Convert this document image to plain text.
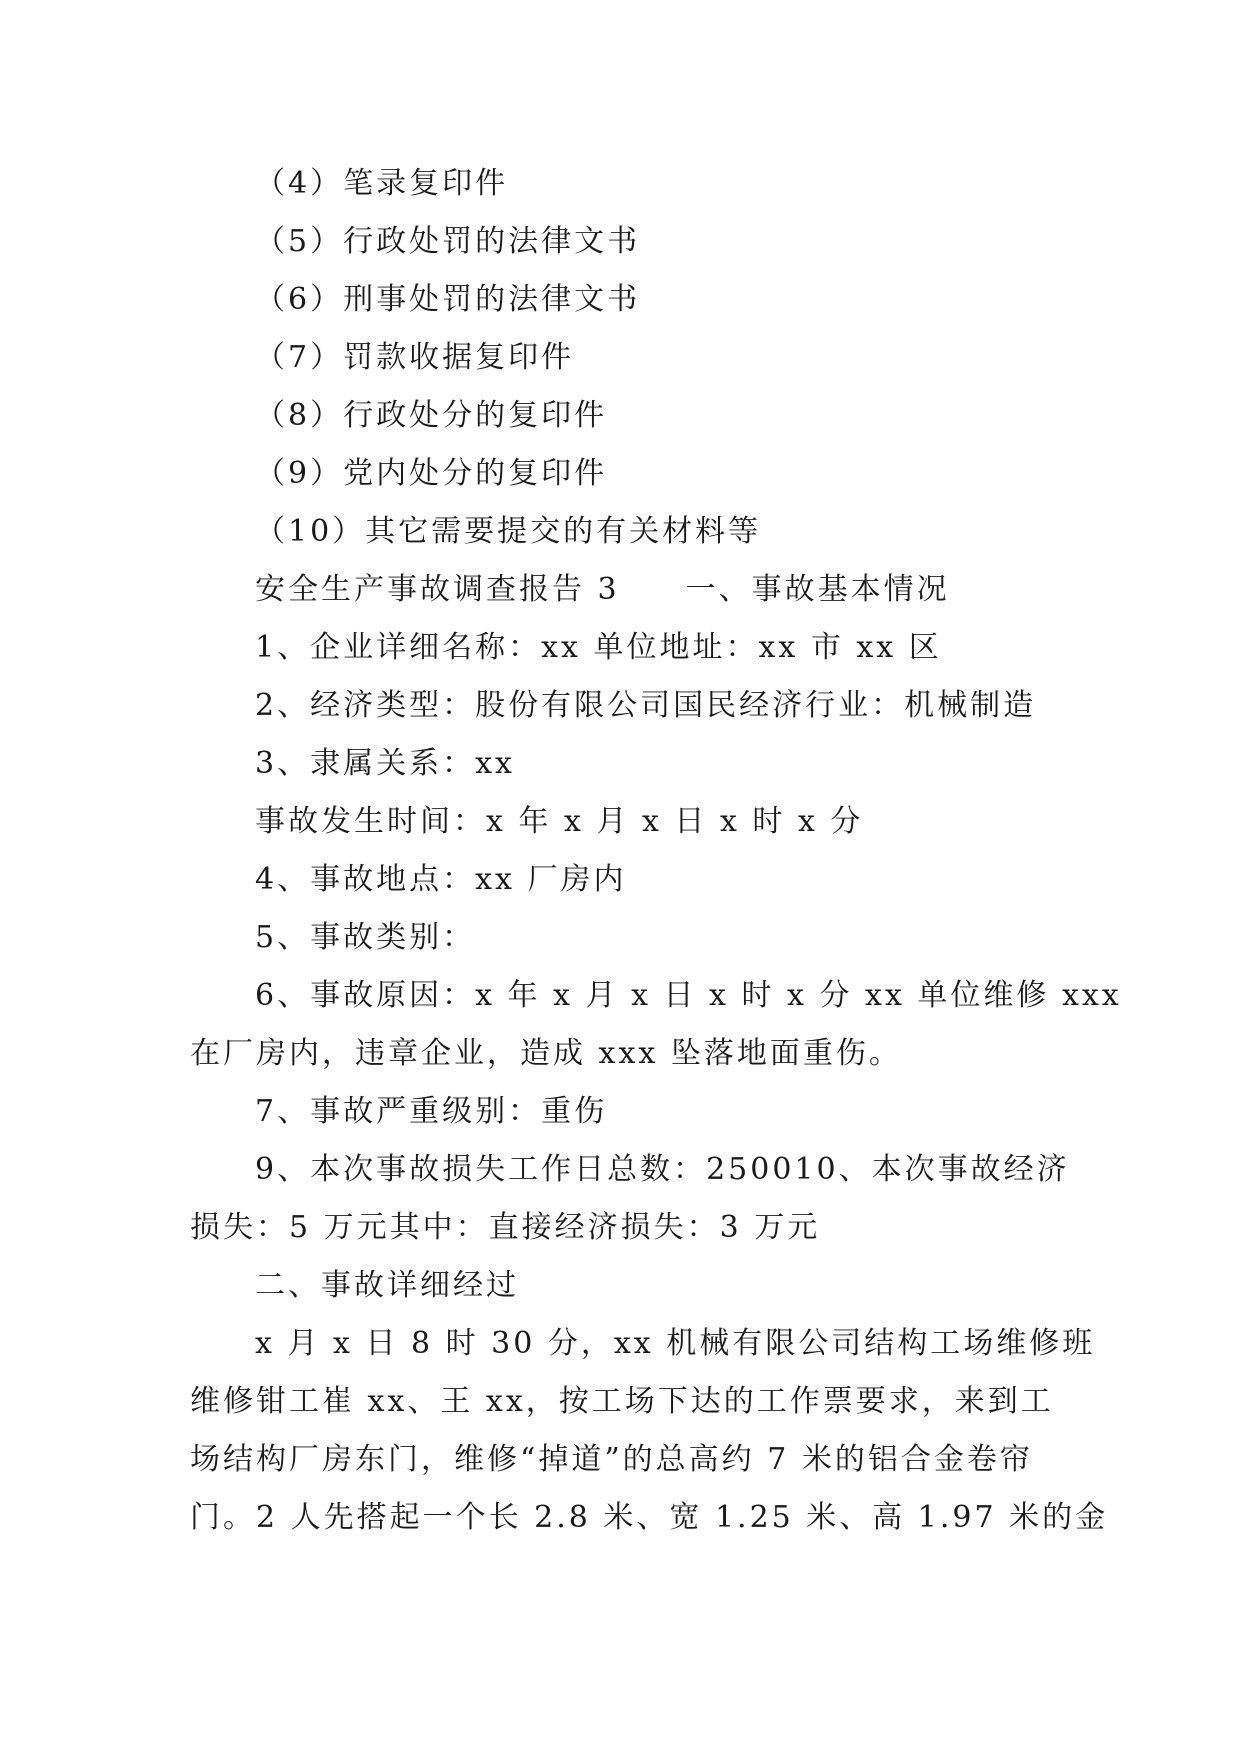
（4）笔录复印件
（5）行政处罚的法律文书
（6）刑事处罚的法律文书
（7）罚款收据复印件
（8）行政处分的复印件
（9）党内处分的复印件
（10）其它需要提交的有关材料等
安全生产事故调查报告 3　　一、事故基本情况
1、企业详细名称：xx 单位地址：xx 市 xx 区
2、经济类型：股份有限公司国民经济行业：机械制造
3、隶属关系：xx
事故发生时间：x 年 x 月 x 日 x 时 x 分
4、事故地点：xx 厂房内
5、事故类别：
6、事故原因：x 年 x 月 x 日 x 时 x 分 xx 单位维修 xxx
在厂房内，违章企业，造成 xxx 坠落地面重伤。
7、事故严重级别：重伤
9、本次事故损失工作日总数：250010、本次事故经济
损失：5 万元其中：直接经济损失：3 万元
二、事故详细经过
x 月 x 日 8 时 30 分，xx 机械有限公司结构工场维修班
维修钳工崔 xx、王 xx，按工场下达的工作票要求，来到工
场结构厂房东门，维修“掉道”的总高约 7 米的铝合金卷帘
门。2 人先搭起一个长 2.8 米、宽 1.25 米、高 1.97 米的金
